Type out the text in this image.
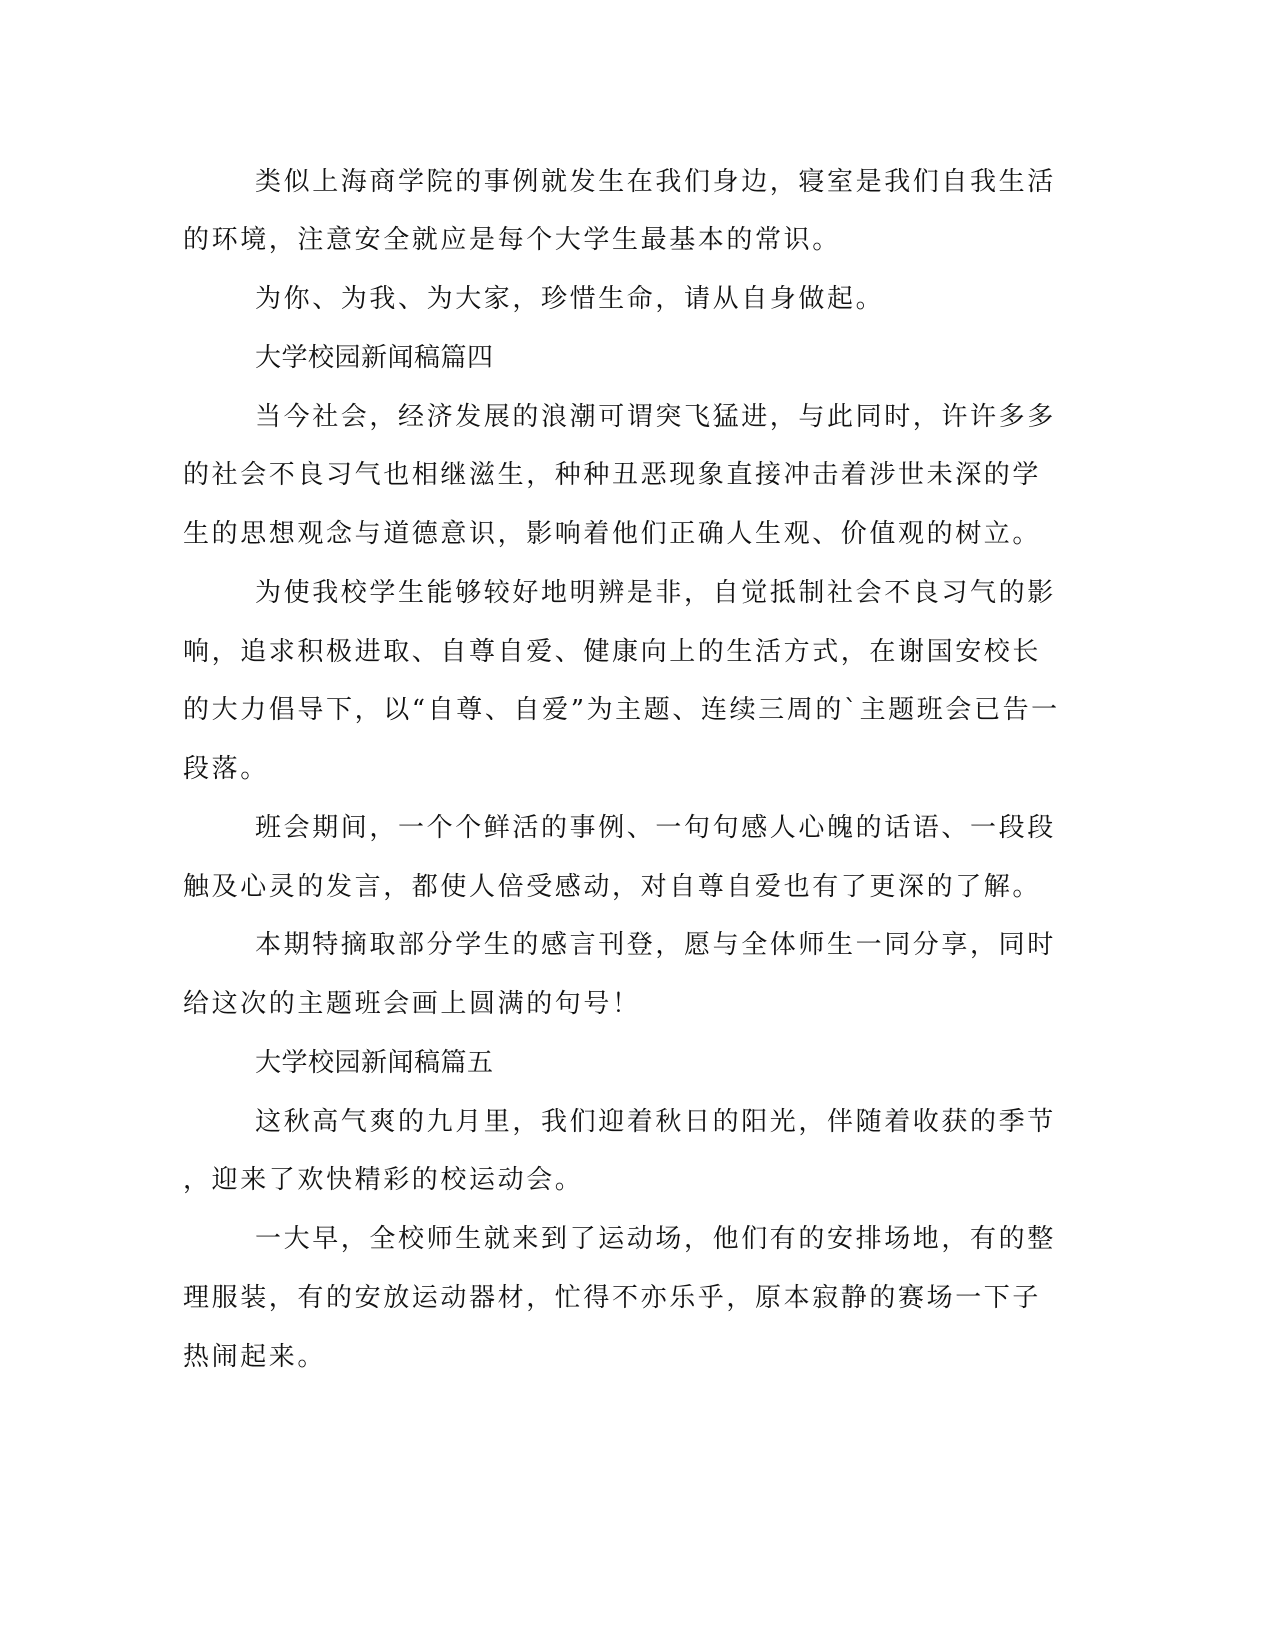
类似上海商学院的事例就发生在我们身边，寝室是我们自我生活
的环境，注意安全就应是每个大学生最基本的常识。
为你、为我、为大家，珍惜生命，请从自身做起。
大学校园新闻稿篇四
当今社会，经济发展的浪潮可谓突飞猛进，与此同时，许许多多
的社会不良习气也相继滋生，种种丑恶现象直接冲击着涉世未深的学
生的思想观念与道德意识，影响着他们正确人生观、价值观的树立。
为使我校学生能够较好地明辨是非，自觉抵制社会不良习气的影
响，追求积极进取、自尊自爱、健康向上的生活方式，在谢国安校长
的大力倡导下，以“自尊、自爱”为主题、连续三周的`主题班会已告一
段落。
班会期间，一个个鲜活的事例、一句句感人心魄的话语、一段段
触及心灵的发言，都使人倍受感动，对自尊自爱也有了更深的了解。
本期特摘取部分学生的感言刊登，愿与全体师生一同分享，同时
给这次的主题班会画上圆满的句号！
大学校园新闻稿篇五
这秋高气爽的九月里，我们迎着秋日的阳光，伴随着收获的季节
，迎来了欢快精彩的校运动会。
一大早，全校师生就来到了运动场，他们有的安排场地，有的整
理服装，有的安放运动器材，忙得不亦乐乎，原本寂静的赛场一下子
热闹起来。
